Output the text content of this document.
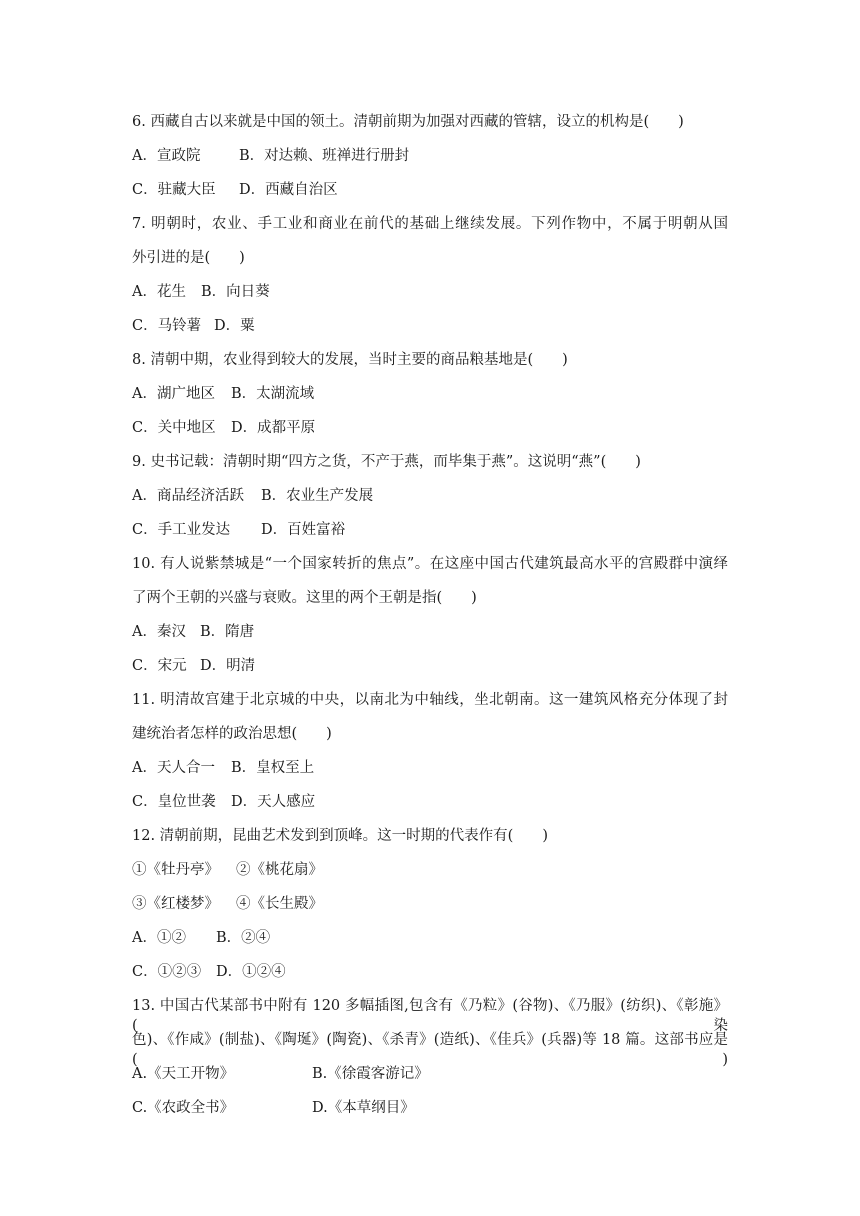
6. 西藏自古以来就是中国的领土。清朝前期为加强对西藏的管辖，设立的机构是(　　)
A．宣政院	B．对达赖、班禅进行册封
C．驻藏大臣 D．西藏自治区
7. 明朝时，农业、手工业和商业在前代的基础上继续发展。下列作物中，不属于明朝从国
外引进的是(　　)
A．花生 B．向日葵
C．马铃薯 D．粟
8. 清朝中期，农业得到较大的发展，当时主要的商品粮基地是(　　)
A．湖广地区 B．太湖流域
C．关中地区 D．成都平原
9. 史书记载：清朝时期“四方之货，不产于燕，而毕集于燕”。这说明“燕”(　　)
A．商品经济活跃 B．农业生产发展
C．手工业发达 D．百姓富裕
10. 有人说紫禁城是“一个国家转折的焦点”。在这座中国古代建筑最高水平的宫殿群中演绎
了两个王朝的兴盛与衰败。这里的两个王朝是指(　　)
A．秦汉 B．隋唐
C．宋元 D．明清
11. 明清故宫建于北京城的中央，以南北为中轴线，坐北朝南。这一建筑风格充分体现了封
建统治者怎样的政治思想(　　)
A．天人合一 B．皇权至上
C．皇位世袭 D．天人感应
12. 清朝前期，昆曲艺术发到到顶峰。这一时期的代表作有(　　)
①《牡丹亭》 ②《桃花扇》
③《红楼梦》 ④《长生殿》
A．①② B．②④
C．①②③ D．①②④
13. 中国古代某部书中附有 120 多幅插图,包含有《乃粒》(谷物)、《乃服》(纺织)、《彰施》(染
色)、《作咸》(制盐)、《陶埏》(陶瓷)、《杀青》(造纸)、《佳兵》(兵器)等 18 篇。这部书应是(　　)
A.《天工开物》	B.《徐霞客游记》
C.《农政全书》	D.《本草纲目》
